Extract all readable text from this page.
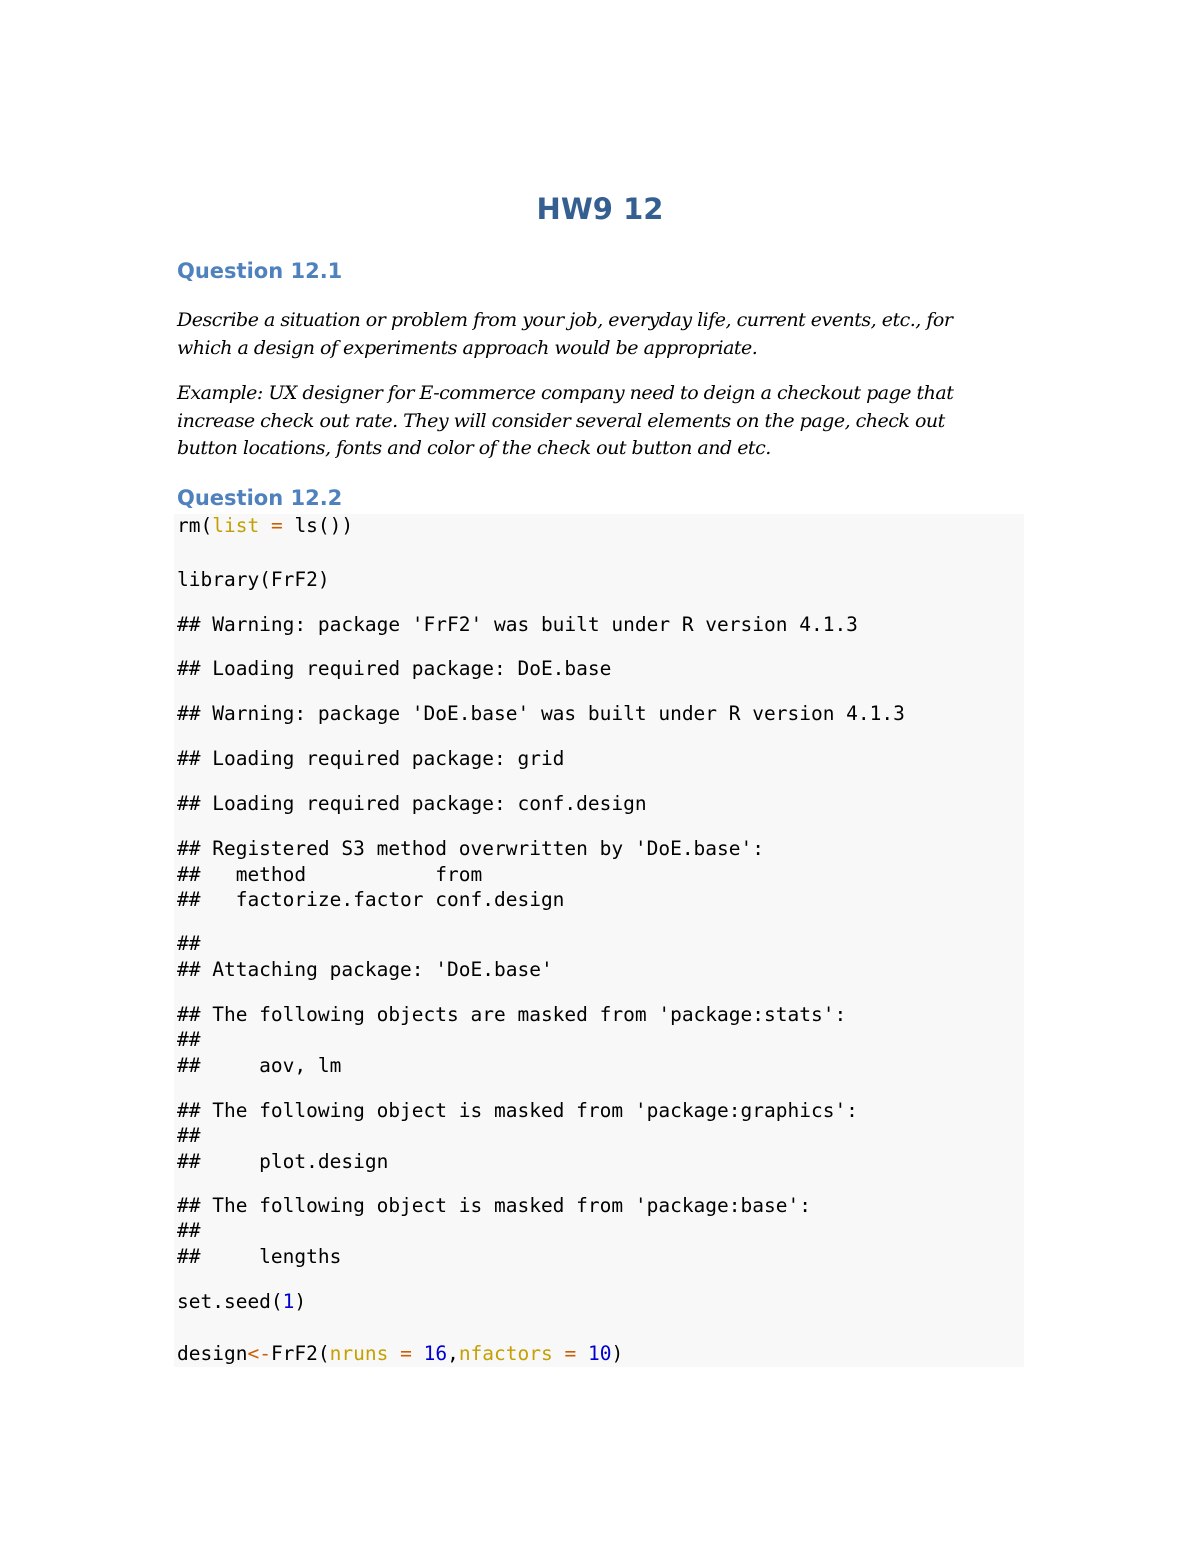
HW9 12
Question 12.1

Describe a situation or problem from your job, everyday life, current events, etc., for
which a design of experiments approach would be appropriate.

Example: UX designer for E-commerce company need to deign a checkout page that
increase check out rate. They will consider several elements on the page, check out
button locations, fonts and color of the check out button and etc.

Question 12.2
rm(list = ls())
library(FrF2)
## Warning: package 'FrF2' was built under R version 4.1.3
## Loading required package: DoE.base
## Warning: package 'DoE.base' was built under R version 4.1.3
## Loading required package: grid
## Loading required package: conf.design
## Registered S3 method overwritten by 'DoE.base':
##   method           from
##   factorize.factor conf.design
##
## Attaching package: 'DoE.base'
## The following objects are masked from 'package:stats':
##
##     aov, lm
## The following object is masked from 'package:graphics':
##
##     plot.design
## The following object is masked from 'package:base':
##
##     lengths
set.seed(1)
design<-FrF2(nruns = 16,nfactors = 10)
